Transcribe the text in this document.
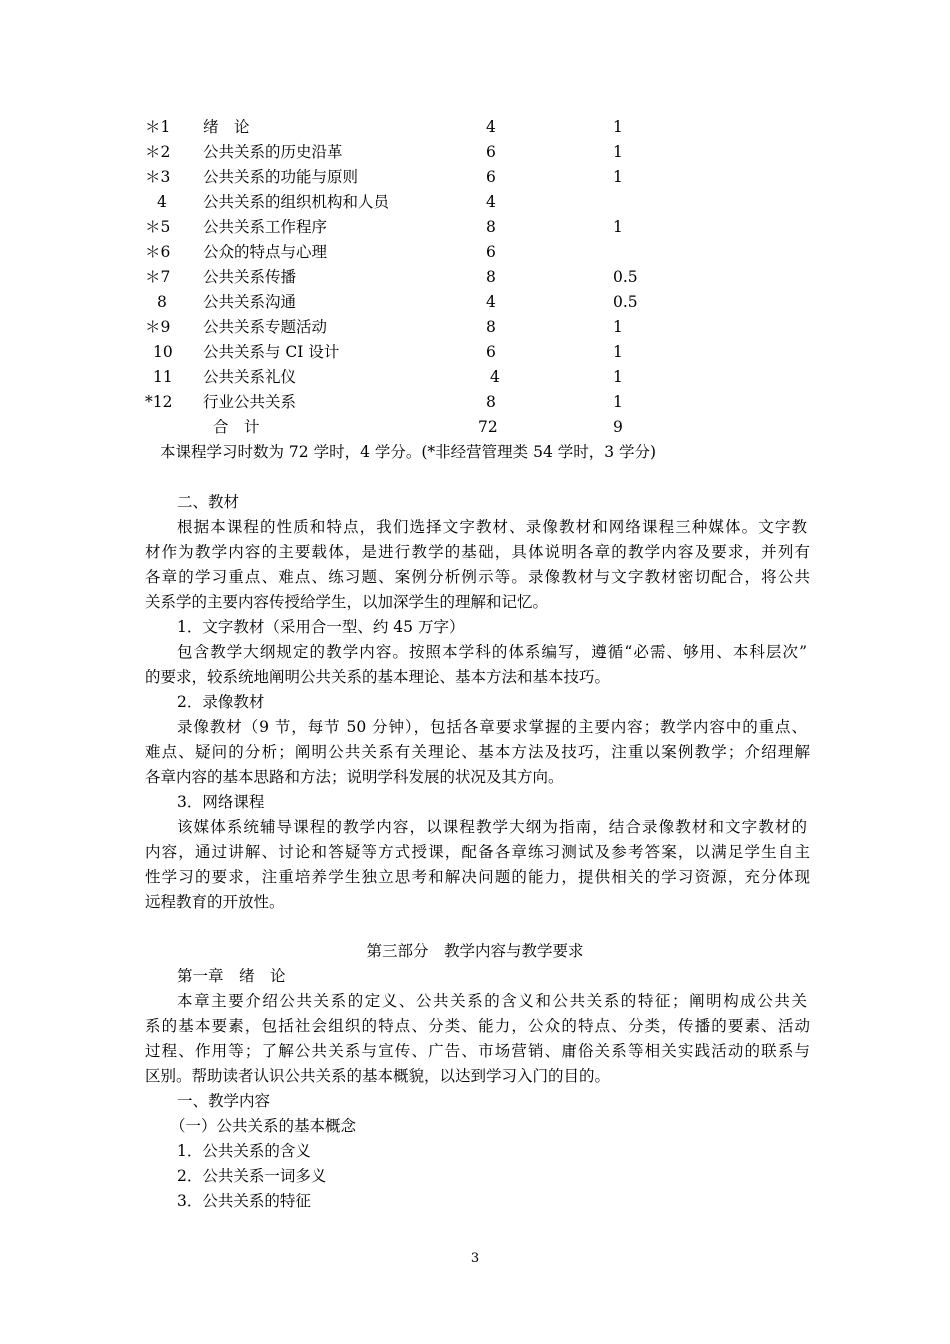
＊1 绪　论	4	1
＊2 公共关系的历史沿革	6	1
＊3 公共关系的功能与原则	6	1
4 公共关系的组织机构和人员	4
＊5 公共关系工作程序	8	1
＊6 公众的特点与心理	6
＊7 公共关系传播	8	0.5
8 公共关系沟通	4	0.5
＊9 公共关系专题活动	8	1
10 公共关系与 CI 设计	6	1
11 公共关系礼仪	4	1
*12 行业公共关系	8	1
合　计	72	9
本课程学习时数为 72 学时，4 学分。(*非经营管理类 54 学时，3 学分)
二、教材
根据本课程的性质和特点，我们选择文字教材、录像教材和网络课程三种媒体。文字教
材作为教学内容的主要载体，是进行教学的基础，具体说明各章的教学内容及要求，并列有
各章的学习重点、难点、练习题、案例分析例示等。录像教材与文字教材密切配合，将公共
关系学的主要内容传授给学生，以加深学生的理解和记忆。
1．文字教材（采用合一型、约 45 万字）
包含教学大纲规定的教学内容。按照本学科的体系编写，遵循“必需、够用、本科层次”
的要求，较系统地阐明公共关系的基本理论、基本方法和基本技巧。
2．录像教材
录像教材（9 节，每节 50 分钟），包括各章要求掌握的主要内容；教学内容中的重点、
难点、疑问的分析；阐明公共关系有关理论、基本方法及技巧，注重以案例教学；介绍理解
各章内容的基本思路和方法；说明学科发展的状况及其方向。
3．网络课程
该媒体系统辅导课程的教学内容，以课程教学大纲为指南，结合录像教材和文字教材的
内容，通过讲解、讨论和答疑等方式授课，配备各章练习测试及参考答案，以满足学生自主
性学习的要求，注重培养学生独立思考和解决问题的能力，提供相关的学习资源，充分体现
远程教育的开放性。
第三部分　教学内容与教学要求
第一章　绪　论
本章主要介绍公共关系的定义、公共关系的含义和公共关系的特征；阐明构成公共关
系的基本要素，包括社会组织的特点、分类、能力，公众的特点、分类，传播的要素、活动
过程、作用等；了解公共关系与宣传、广告、市场营销、庸俗关系等相关实践活动的联系与
区别。帮助读者认识公共关系的基本概貌，以达到学习入门的目的。
一、教学内容
（一）公共关系的基本概念
1．公共关系的含义
2．公共关系一词多义
3．公共关系的特征
3
